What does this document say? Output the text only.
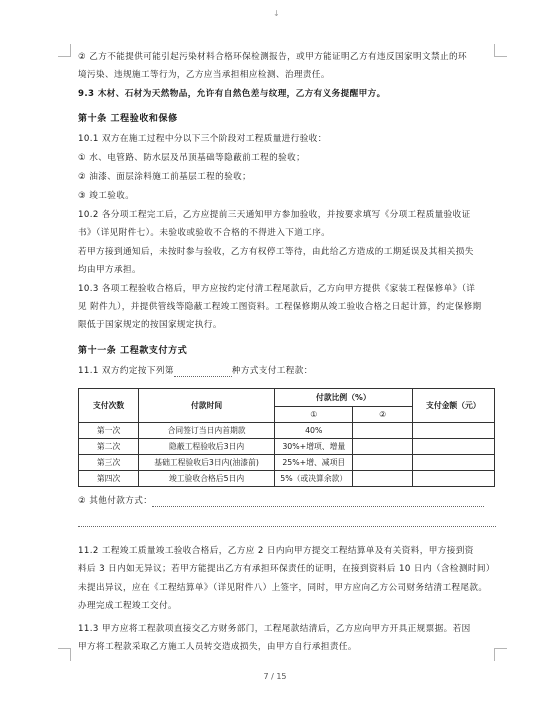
↓
② 乙方不能提供可能引起污染材料合格环保检测报告，或甲方能证明乙方有违反国家明文禁止的环
境污染、违规施工等行为，乙方应当承担相应检测、治理责任。
9.3 木材、石材为天然物品，允许有自然色差与纹理，乙方有义务提醒甲方。
第十条 工程验收和保修
10.1 双方在施工过程中分以下三个阶段对工程质量进行验收：
① 水、电管路、防水层及吊顶基础等隐蔽前工程的验收；
② 油漆、面层涂料施工前基层工程的验收；
③ 竣工验收。
10.2 各分项工程完工后，乙方应提前三天通知甲方参加验收，并按要求填写《分项工程质量验收证
书》（详见附件七）。未验收或验收不合格的不得进入下道工序。
若甲方接到通知后，未按时参与验收，乙方有权停工等待，由此给乙方造成的工期延误及其相关损失
均由甲方承担。
10.3 各项工程验收合格后，甲方应按约定付清工程尾款后，乙方向甲方提供《家装工程保修单》（详
见 附件九），并提供管线等隐蔽工程竣工图资料。工程保修期从竣工验收合格之日起计算，约定保修期
限低于国家规定的按国家规定执行。
第十一条 工程款支付方式
11.1 双方约定按下列第	种方式支付工程款：
支付次数	付款时间	付款比例（%）		支付金额（元）
		①	②	
第一次	合同签订当日内首期款	40%		
第二次	隐蔽工程验收后3日内	30%+增项、增量		
第三次	基础工程验收后3日内(油漆前)	25%+增、减项目		
第四次	竣工验收合格后5日内	5%（或决算余款）		
② 其他付款方式：
11.2 工程竣工质量竣工验收合格后，乙方应 2 日内向甲方提交工程结算单及有关资料，甲方接到资
料后 3 日内如无异议；若甲方能提出乙方有承担环保责任的证明，在接到资料后 10 日内（含检测时间）
未提出异议，应在《工程结算单》（详见附件八）上签字，同时，甲方应向乙方公司财务结清工程尾款。
办理完成工程竣工交付。
11.3 甲方应将工程款项直接交乙方财务部门，工程尾款结清后，乙方应向甲方开具正规票据。若因
甲方将工程款采取乙方施工人员转交造成损失，由甲方自行承担责任。
7 / 15
